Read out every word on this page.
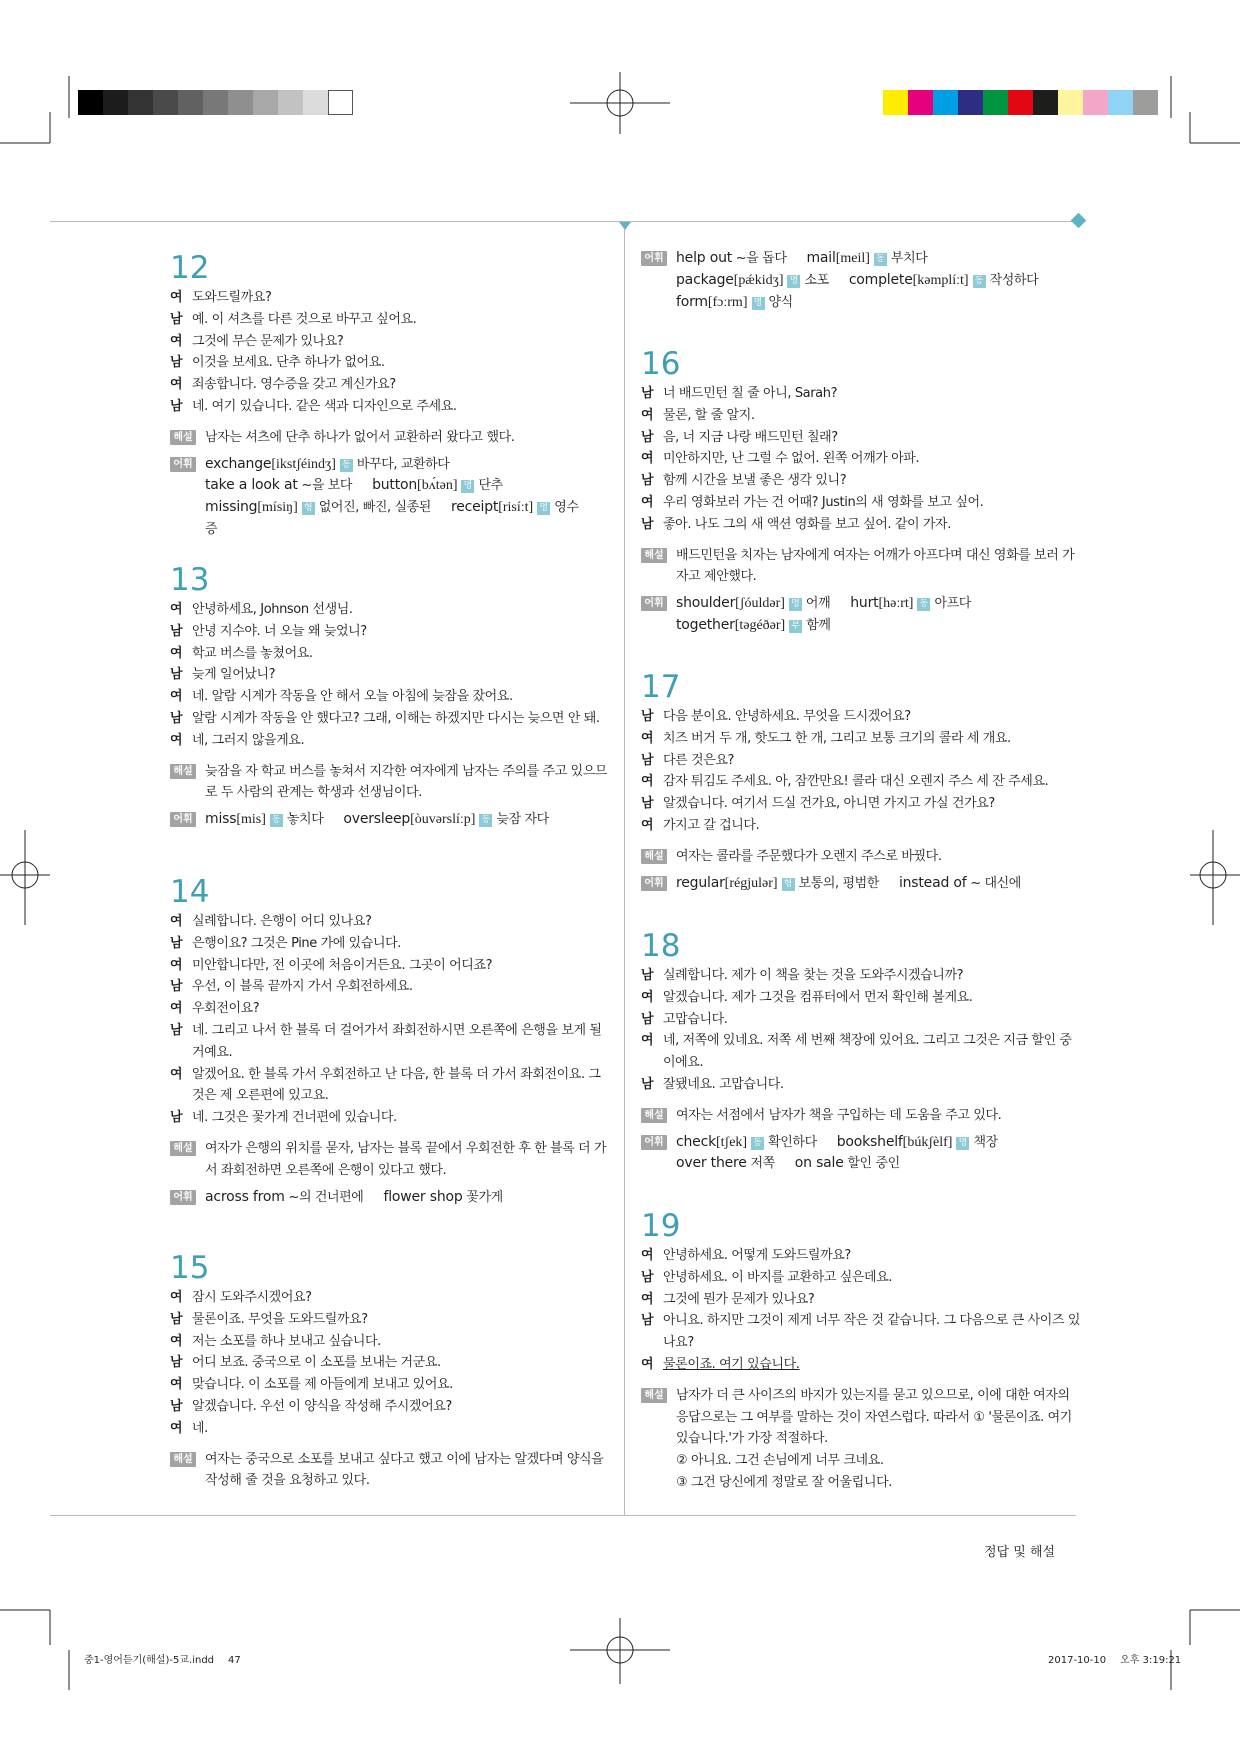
12
여 도와드릴까요?
남 예. 이 셔츠를 다른 것으로 바꾸고 싶어요.
여 그것에 무슨 문제가 있나요?
남 이것을 보세요. 단추 하나가 없어요.
여 죄송합니다. 영수증을 갖고 계신가요?
남 네. 여기 있습니다. 같은 색과 디자인으로 주세요.
해설 남자는 셔츠에 단추 하나가 없어서 교환하러 왔다고 했다.
어휘 exchange[ikstʃéindʒ] 동 바꾸다, 교환하다
take a look at ~을 보다 button[bʌ́tən] 명 단추
missing[mísiŋ] 형 없어진, 빠진, 실종된 receipt[risíːt] 명 영수증
13
여 안녕하세요, Johnson 선생님.
남 안녕 지수야. 너 오늘 왜 늦었니?
여 학교 버스를 놓쳤어요.
남 늦게 일어났니?
여 네. 알람 시계가 작동을 안 해서 오늘 아침에 늦잠을 잤어요.
남 알람 시계가 작동을 안 했다고? 그래, 이해는 하겠지만 다시는 늦으면 안 돼.
여 네, 그러지 않을게요.
해설 늦잠을 자 학교 버스를 놓쳐서 지각한 여자에게 남자는 주의를 주고 있으므로 두 사람의 관계는 학생과 선생님이다.
어휘 miss[mis] 동 놓치다 oversleep[òuvərslíːp] 동 늦잠 자다
14
여 실례합니다. 은행이 어디 있나요?
남 은행이요? 그것은 Pine 가에 있습니다.
여 미안합니다만, 전 이곳에 처음이거든요. 그곳이 어디죠?
남 우선, 이 블록 끝까지 가서 우회전하세요.
여 우회전이요?
남 네. 그리고 나서 한 블록 더 걸어가서 좌회전하시면 오른쪽에 은행을 보게 될 거예요.
여 알겠어요. 한 블록 가서 우회전하고 난 다음, 한 블록 더 가서 좌회전이요. 그것은 제 오른편에 있고요.
남 네. 그것은 꽃가게 건너편에 있습니다.
해설 여자가 은행의 위치를 묻자, 남자는 블록 끝에서 우회전한 후 한 블록 더 가서 좌회전하면 오른쪽에 은행이 있다고 했다.
어휘 across from ~의 건너편에 flower shop 꽃가게
15
여 잠시 도와주시겠어요?
남 물론이죠. 무엇을 도와드릴까요?
여 저는 소포를 하나 보내고 싶습니다.
남 어디 보죠. 중국으로 이 소포를 보내는 거군요.
여 맞습니다. 이 소포를 제 아들에게 보내고 있어요.
남 알겠습니다. 우선 이 양식을 작성해 주시겠어요?
여 네.
해설 여자는 중국으로 소포를 보내고 싶다고 했고 이에 남자는 알겠다며 양식을 작성해 줄 것을 요청하고 있다.
어휘 help out ~을 돕다 mail[meil] 동 부치다
package[pǽkidʒ] 명 소포 complete[kəmplíːt] 동 작성하다
form[fɔːrm] 명 양식
16
남 너 배드민턴 칠 줄 아니, Sarah?
여 물론, 할 줄 알지.
남 음, 너 지금 나랑 배드민턴 칠래?
여 미안하지만, 난 그럴 수 없어. 왼쪽 어깨가 아파.
남 함께 시간을 보낼 좋은 생각 있니?
여 우리 영화보러 가는 건 어때? Justin의 새 영화를 보고 싶어.
남 좋아. 나도 그의 새 액션 영화를 보고 싶어. 같이 가자.
해설 배드민턴을 치자는 남자에게 여자는 어깨가 아프다며 대신 영화를 보러 가자고 제안했다.
어휘 shoulder[ʃóuldər] 명 어깨 hurt[həːrt] 동 아프다together[təgéðər] 부 함께
17
남 다음 분이요. 안녕하세요. 무엇을 드시겠어요?
여 치즈 버거 두 개, 핫도그 한 개, 그리고 보통 크기의 콜라 세 개요.
남 다른 것은요?
여 감자 튀김도 주세요. 아, 잠깐만요! 콜라 대신 오렌지 주스 세 잔 주세요.
남 알겠습니다. 여기서 드실 건가요, 아니면 가지고 가실 건가요?
여 가지고 갈 겁니다.
해설 여자는 콜라를 주문했다가 오렌지 주스로 바꿨다.
어휘 regular[régjulər] 형 보통의, 평범한 instead of ~ 대신에
18
남 실례합니다. 제가 이 책을 찾는 것을 도와주시겠습니까?
여 알겠습니다. 제가 그것을 컴퓨터에서 먼저 확인해 볼게요.
남 고맙습니다.
여 네, 저쪽에 있네요. 저쪽 세 번째 책장에 있어요. 그리고 그것은 지금 할인 중이에요.
남 잘됐네요. 고맙습니다.
해설 여자는 서점에서 남자가 책을 구입하는 데 도움을 주고 있다.
어휘 check[tʃek] 동 확인하다 bookshelf[búkʃèlf] 명 책장
over there 저쪽 on sale 할인 중인
19
여 안녕하세요. 어떻게 도와드릴까요?
남 안녕하세요. 이 바지를 교환하고 싶은데요.
여 그것에 뭔가 문제가 있나요?
남 아니요. 하지만 그것이 제게 너무 작은 것 같습니다. 그 다음으로 큰 사이즈 있나요?
여 물론이죠. 여기 있습니다.
해설 남자가 더 큰 사이즈의 바지가 있는지를 묻고 있으므로, 이에 대한 여자의 응답으로는 그 여부를 말하는 것이 자연스럽다. 따라서 ① '물론이죠. 여기 있습니다.'가 가장 적절하다.
② 아니요. 그건 손님에게 너무 크네요.
③ 그건 당신에게 정말로 잘 어울립니다.
정답 및 해설
중1-영어듣기(해설)-5교.indd 47	2017-10-10 오후 3:19:21
